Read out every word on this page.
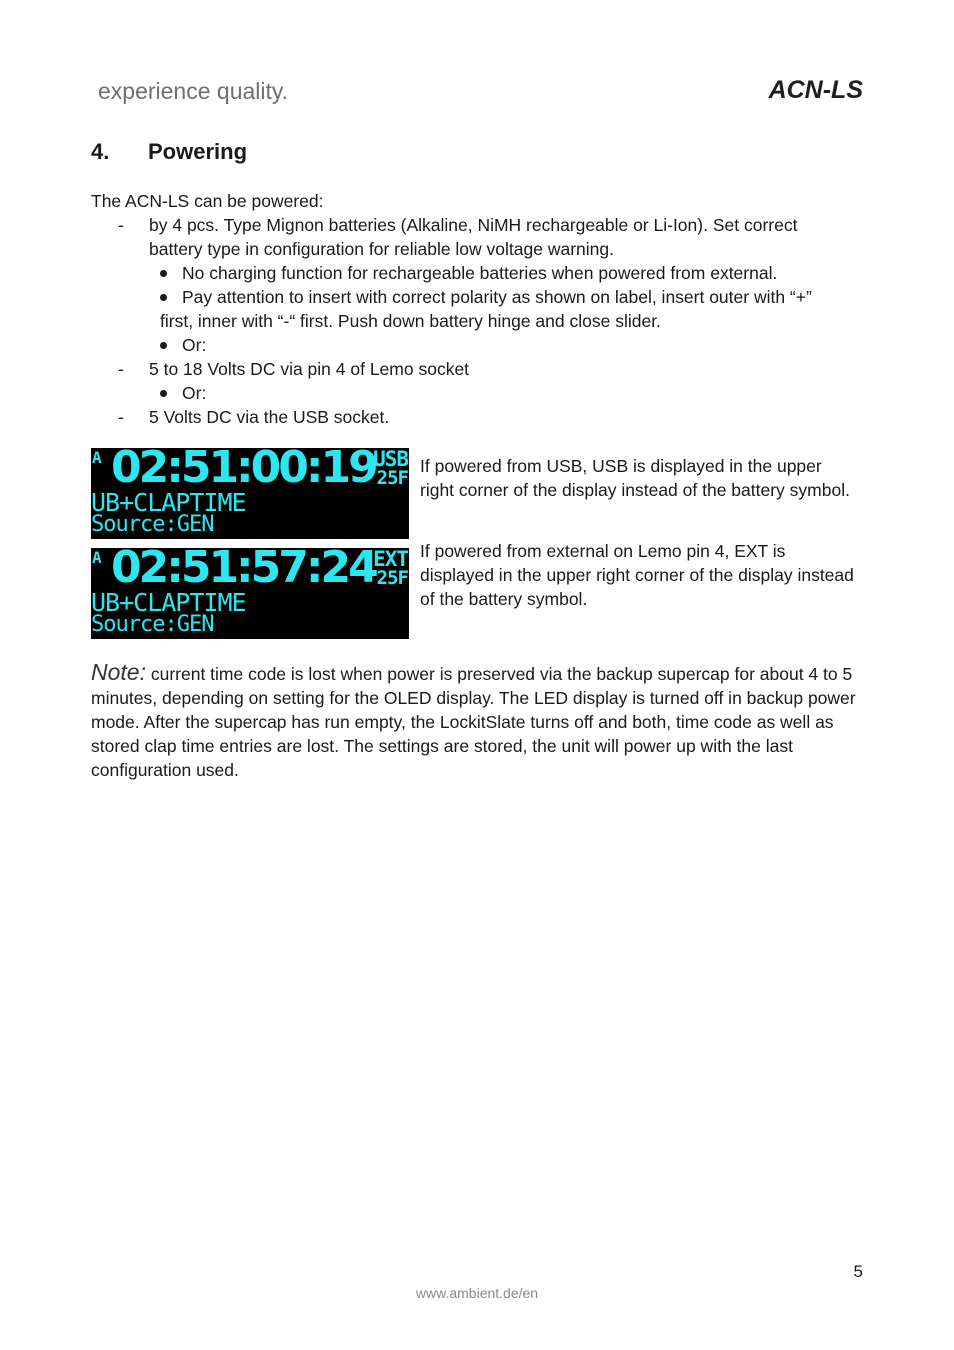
experience quality.	ACN-LS
4.	Powering
The ACN-LS can be powered:
- by 4 pcs. Type Mignon batteries (Alkaline, NiMH rechargeable or Li-Ion). Set correct
battery type in configuration for reliable low voltage warning.
No charging function for rechargeable batteries when powered from external.
Pay attention to insert with correct polarity as shown on label, insert outer with “+”
first, inner with “-“ first. Push down battery hinge and close slider.
Or:
- 5 to 18 Volts DC via pin 4 of Lemo socket
Or:
- 5 Volts DC via the USB socket.
A 02:51:00:19
USB
25F
UB+CLAPTIME
Source:GEN
If powered from USB, USB is displayed in the upper right corner of the display instead of the battery symbol.
A 02:51:57:24
EXT
25F
UB+CLAPTIME
Source:GEN
If powered from external on Lemo pin 4, EXT is displayed in the upper right corner of the display instead of the battery symbol.
Note: current time code is lost when power is preserved via the backup supercap for about 4 to 5 minutes, depending on setting for the OLED display. The LED display is turned off in backup power mode. After the supercap has run empty, the LockitSlate turns off and both, time code as well as stored clap time entries are lost. The settings are stored, the unit will power up with the last configuration used.
5
www.ambient.de/en
